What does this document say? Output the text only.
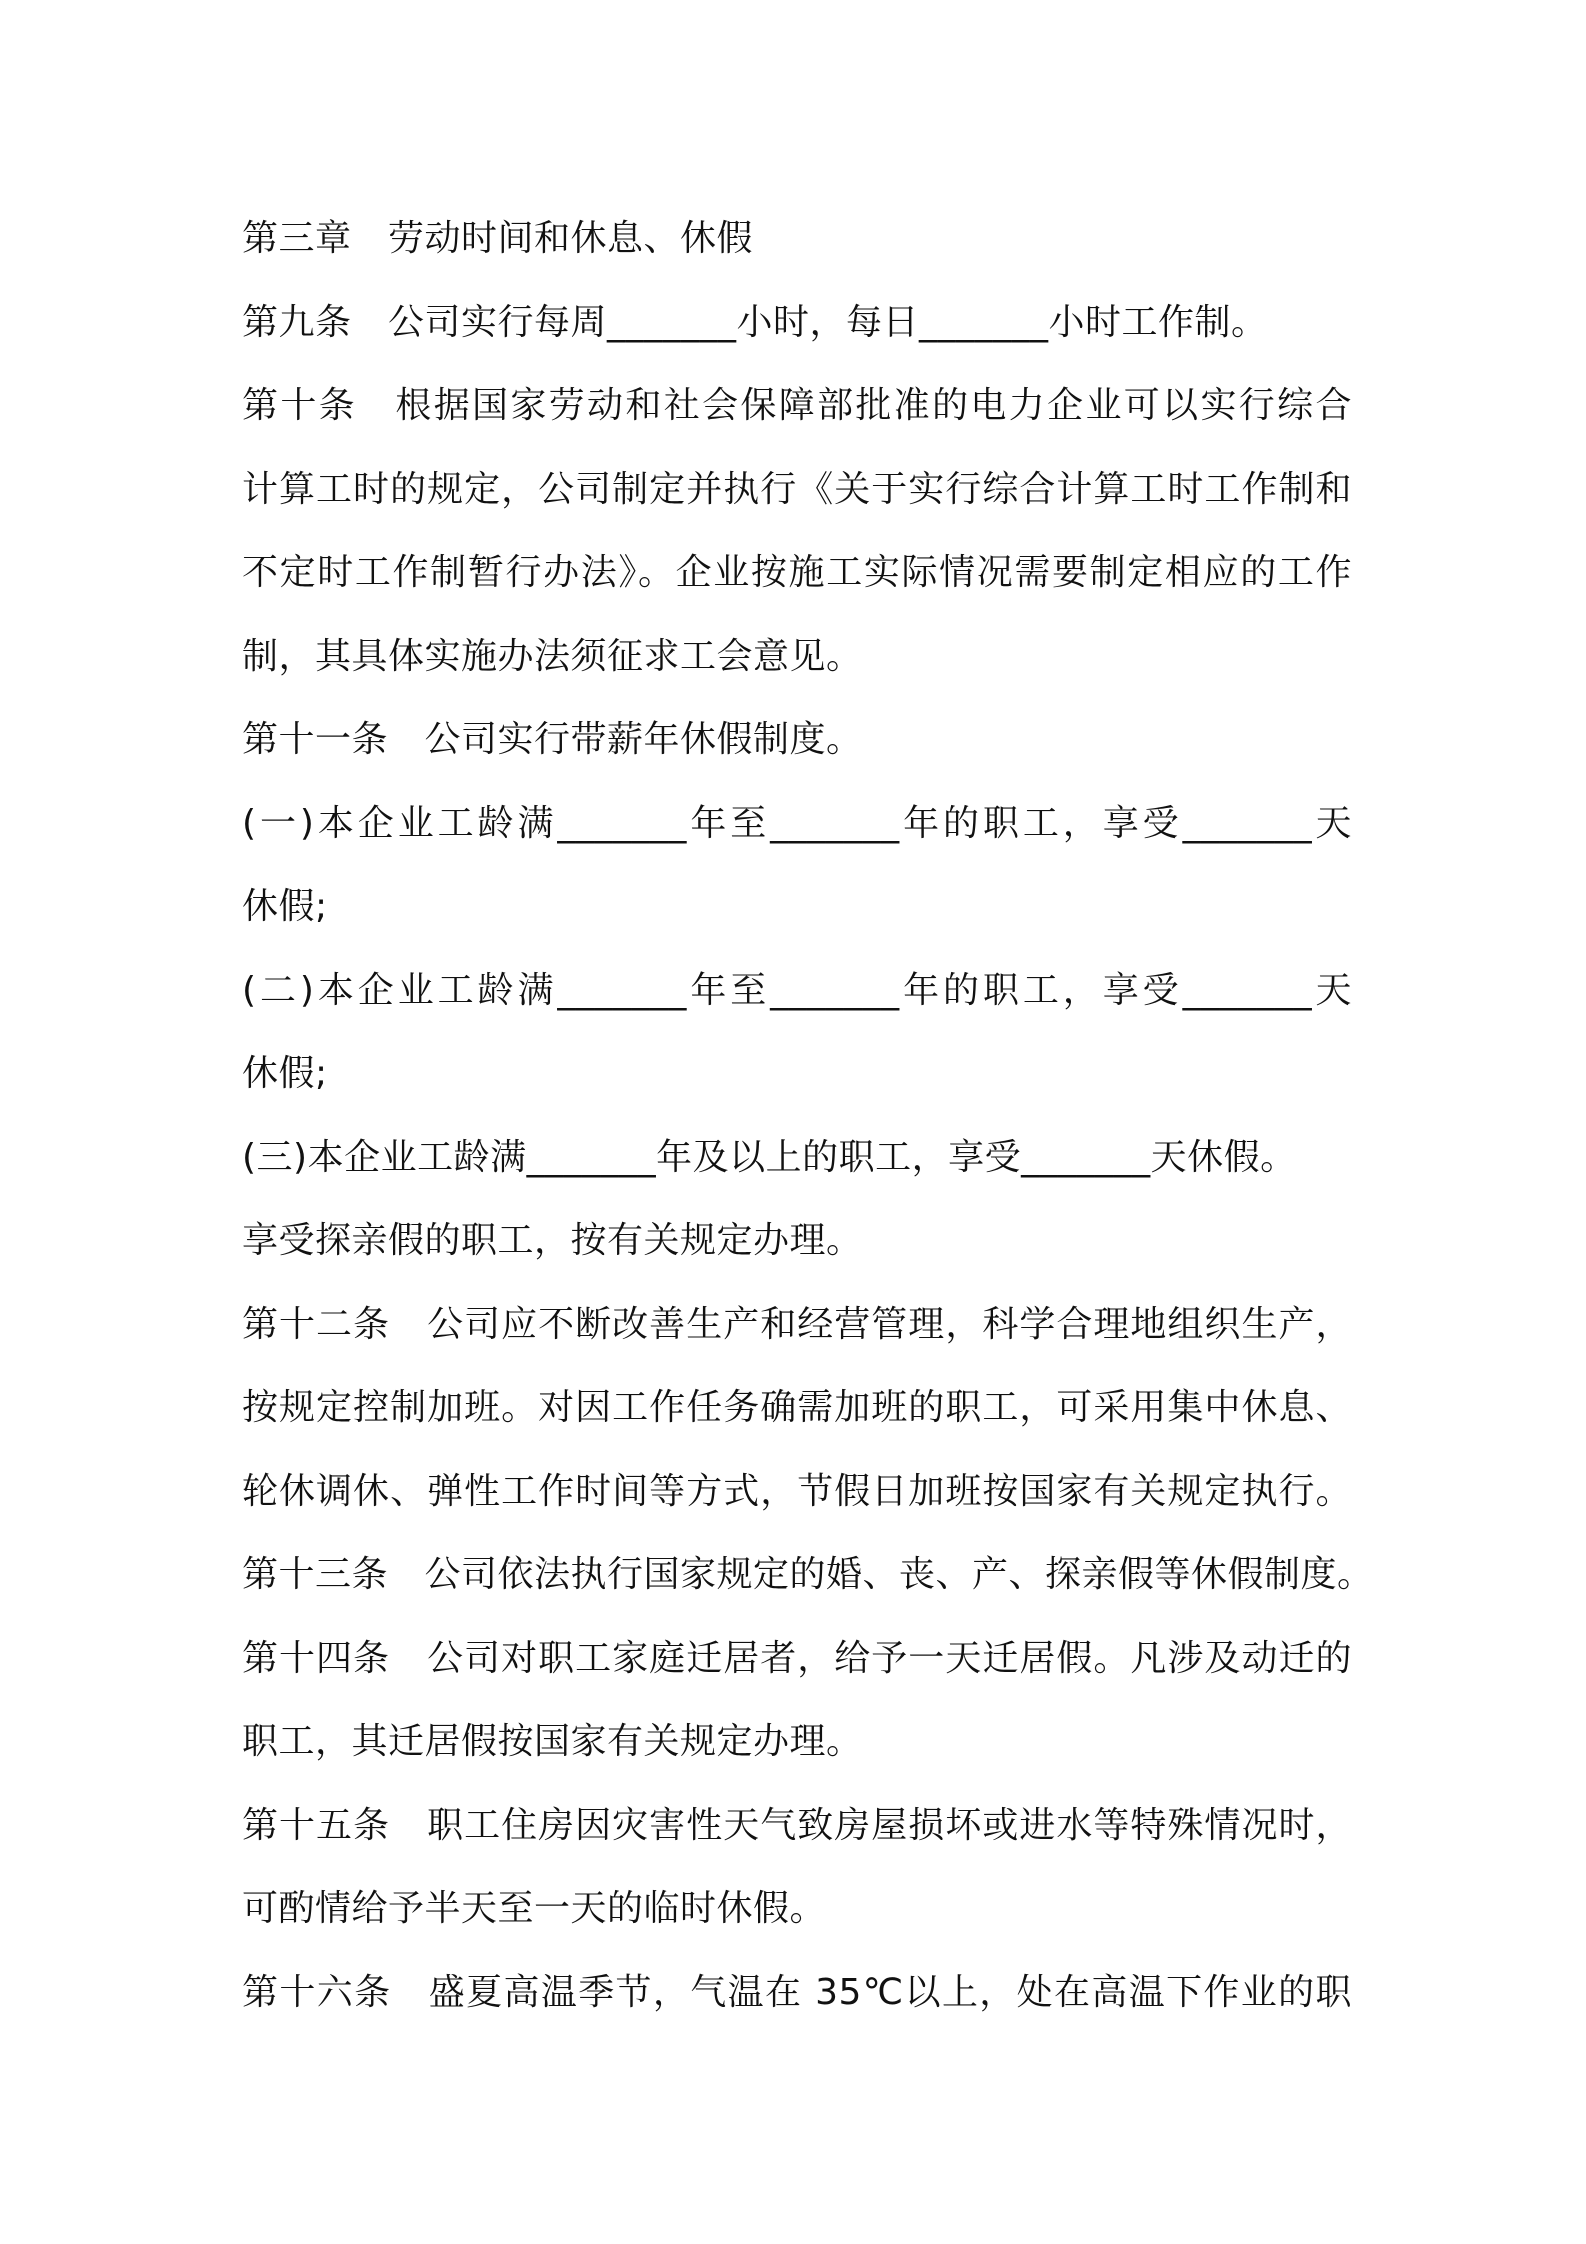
第三章　劳动时间和休息、休假
第九条　公司实行每周_______小时，每日_______小时工作制。
第十条　根据国家劳动和社会保障部批准的电力企业可以实行综合
计算工时的规定，公司制定并执行《关于实行综合计算工时工作制和
不定时工作制暂行办法》。企业按施工实际情况需要制定相应的工作
制，其具体实施办法须征求工会意见。
第十一条　公司实行带薪年休假制度。
(一)本企业工龄满_______年至_______年的职工，享受_______天
休假;
(二)本企业工龄满_______年至_______年的职工，享受_______天
休假;
(三)本企业工龄满_______年及以上的职工，享受_______天休假。
享受探亲假的职工，按有关规定办理。
第十二条　公司应不断改善生产和经营管理，科学合理地组织生产，
按规定控制加班。对因工作任务确需加班的职工，可采用集中休息、
轮休调休、弹性工作时间等方式，节假日加班按国家有关规定执行。
第十三条　公司依法执行国家规定的婚、丧、产、探亲假等休假制度。
第十四条　公司对职工家庭迁居者，给予一天迁居假。凡涉及动迁的
职工，其迁居假按国家有关规定办理。
第十五条　职工住房因灾害性天气致房屋损坏或进水等特殊情况时，
可酌情给予半天至一天的临时休假。
第十六条　盛夏高温季节，气温在 35℃以上，处在高温下作业的职
